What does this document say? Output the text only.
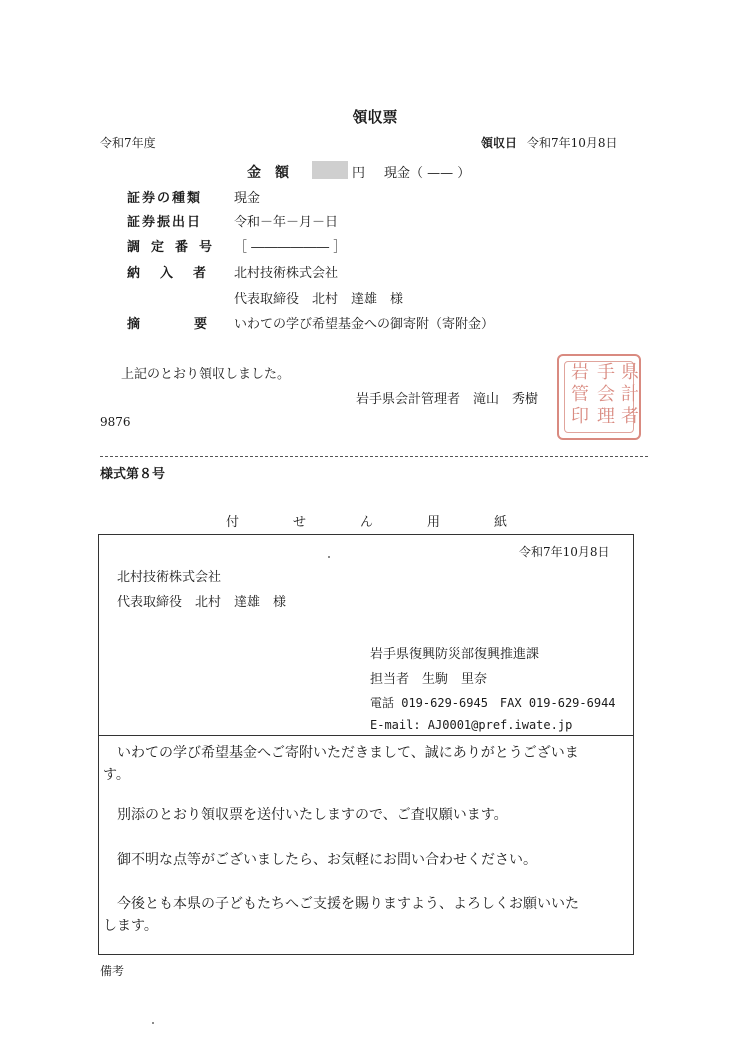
領収票
令和7年度	領収日 令和7年10月8日
金　額	円 現金（ —— ）
証券の種類 現金
証券振出日 令和－年－月－日
調定番号 ［ ―――――― ］
納入者 北村技術株式会社
代表取締役　北村　達雄　様
摘要
いわての学び希望基金への御寄附（寄附金）
上記のとおり領収しました。
岩手県会計管理者　滝山　秀樹
県
計
者
手
会
理
岩
管
印
9876
様式第８号
付	せ	ん	用	紙
令和7年10月8日
北村技術株式会社
代表取締役　北村　達雄　様
岩手県復興防災部復興推進課
担当者　生駒　里奈
電話 019-629-6945　FAX 019-629-6944
E-mail: AJ0001@pref.iwate.jp
　いわての学び希望基金へご寄附いただきまして、誠にありがとうございま
す。
　別添のとおり領収票を送付いたしますので、ご査収願います。
　御不明な点等がございましたら、お気軽にお問い合わせください。
　今後とも本県の子どもたちへご支援を賜りますよう、よろしくお願いいた
します。
備考
